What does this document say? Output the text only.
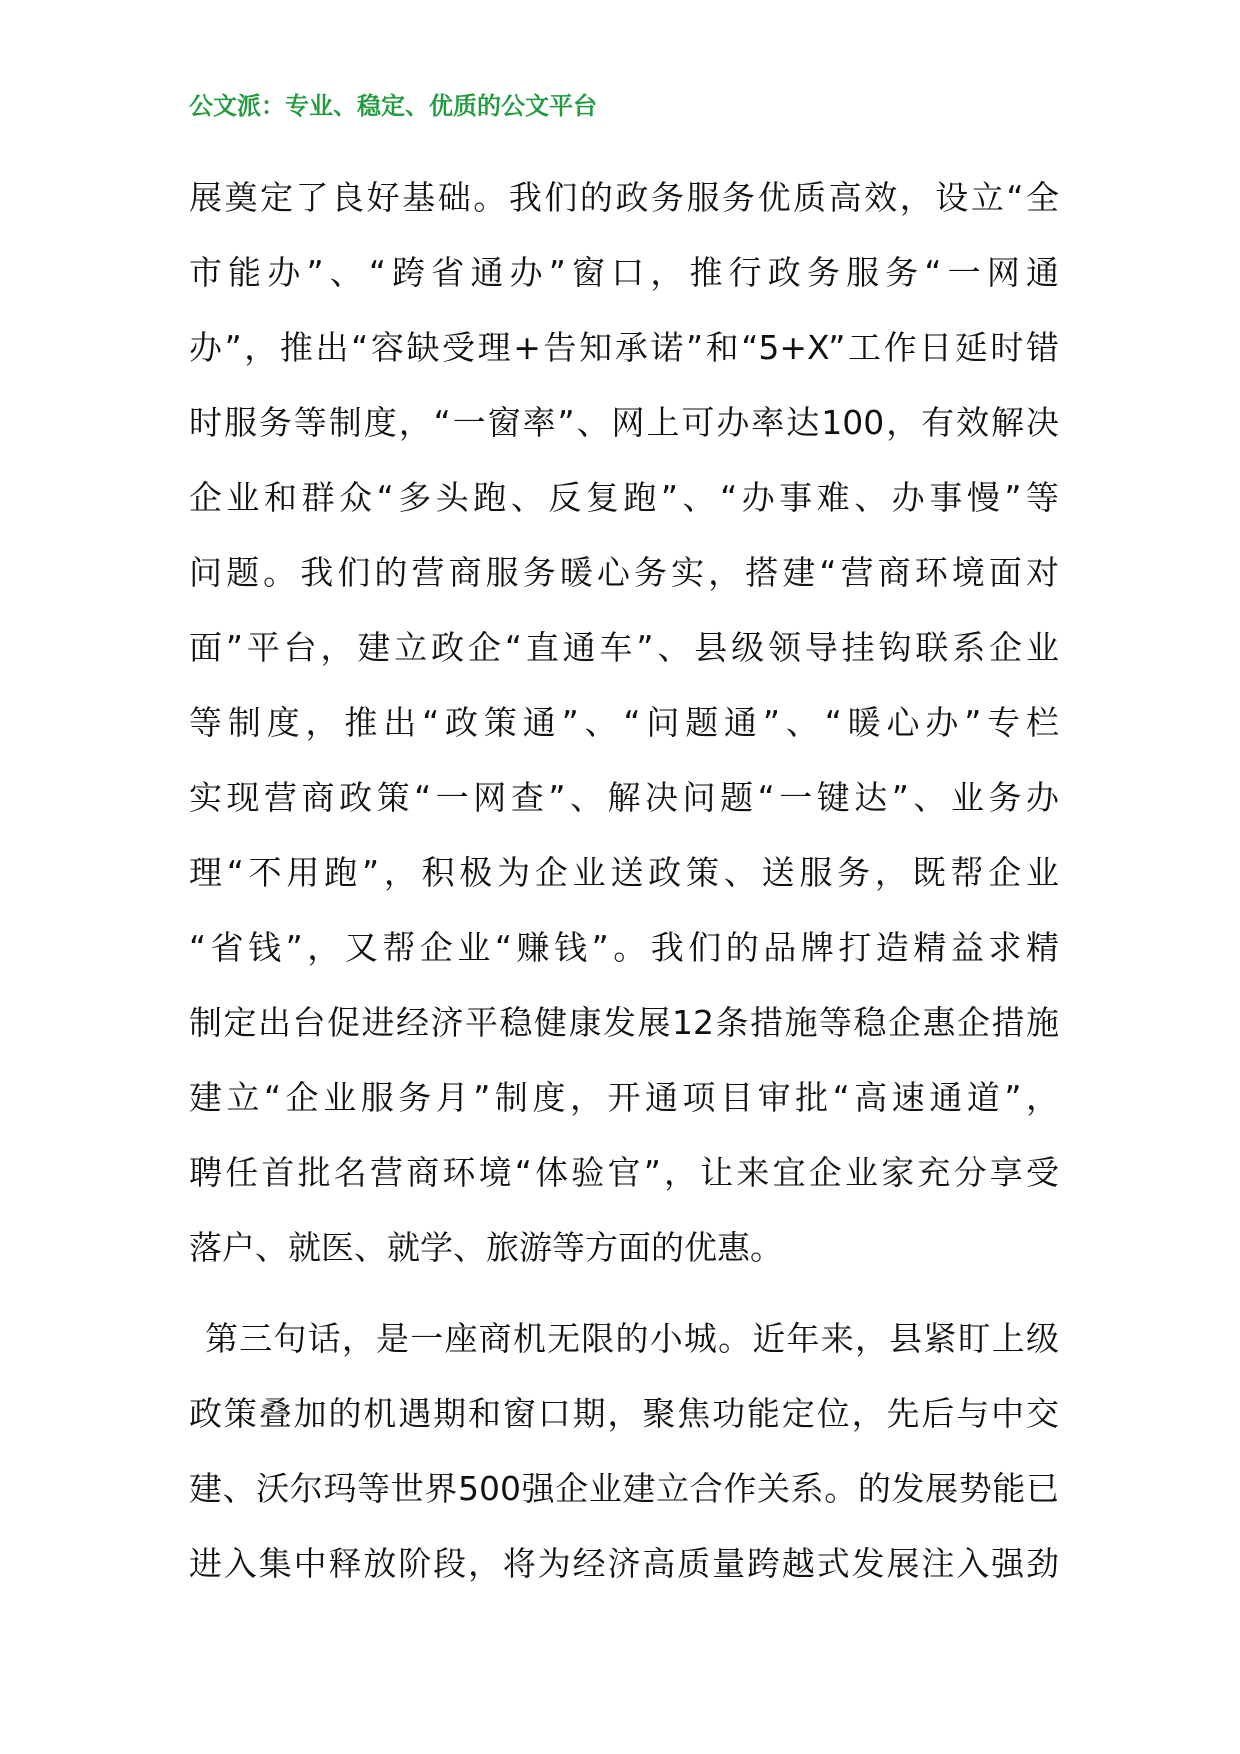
公文派：专业、稳定、优质的公文平台
展奠定了良好基础。我们的政务服务优质高效，设立“全
市能办”、“跨省通办”窗口，推行政务服务“一网通
办”，推出“容缺受理+告知承诺”和“5+X”工作日延时错
时服务等制度，“一窗率”、网上可办率达100，有效解决
企业和群众“多头跑、反复跑”、“办事难、办事慢”等
问题。我们的营商服务暖心务实，搭建“营商环境面对
面”平台，建立政企“直通车”、县级领导挂钩联系企业
等制度，推出“政策通”、“问题通”、“暖心办”专栏
实现营商政策“一网查”、解决问题“一键达”、业务办
理“不用跑”，积极为企业送政策、送服务，既帮企业
“省钱”，又帮企业“赚钱”。我们的品牌打造精益求精
制定出台促进经济平稳健康发展12条措施等稳企惠企措施
建立“企业服务月”制度，开通项目审批“高速通道”，
聘任首批名营商环境“体验官”，让来宜企业家充分享受
落户、就医、就学、旅游等方面的优惠。
第三句话，是一座商机无限的小城。近年来，县紧盯上级
政策叠加的机遇期和窗口期，聚焦功能定位，先后与中交
建、沃尔玛等世界500强企业建立合作关系。的发展势能已
进入集中释放阶段，将为经济高质量跨越式发展注入强劲
